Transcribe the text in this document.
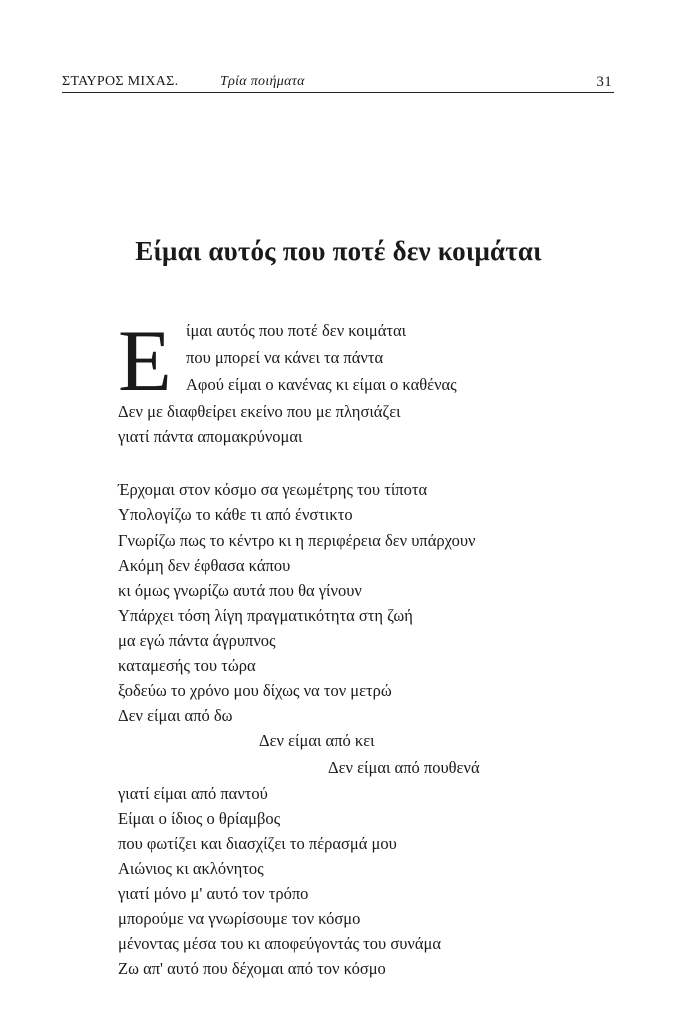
ΣΤΑΥΡΟΣ ΜΙΧΑΣ.	Τρία ποιήματα	31
Είμαι αυτός που ποτέ δεν κοιμάται
Ε ίμαι αυτός που ποτέ δεν κοιμάται
που μπορεί να κάνει τα πάντα
Αφού είμαι ο κανένας κι είμαι ο καθένας
Δεν με διαφθείρει εκείνο που με πλησιάζει
γιατί πάντα απομακρύνομαι
Έρχομαι στον κόσμο σα γεωμέτρης του τίποτα
Υπολογίζω το κάθε τι από ένστικτο
Γνωρίζω πως το κέντρο κι η περιφέρεια δεν υπάρχουν
Ακόμη δεν έφθασα κάπου
κι όμως γνωρίζω αυτά που θα γίνουν
Υπάρχει τόση λίγη πραγματικότητα στη ζωή
μα εγώ πάντα άγρυπνος
καταμεσής του τώρα
ξοδεύω το χρόνο μου δίχως να τον μετρώ
Δεν είμαι από δω
Δεν είμαι από κει
Δεν είμαι από πουθενά
γιατί είμαι από παντού
Είμαι ο ίδιος ο θρίαμβος
που φωτίζει και διασχίζει το πέρασμά μου
Αιώνιος κι ακλόνητος
γιατί μόνο μ' αυτό τον τρόπο
μπορούμε να γνωρίσουμε τον κόσμο
μένοντας μέσα του κι αποφεύγοντάς του συνάμα
Ζω απ' αυτό που δέχομαι από τον κόσμο
